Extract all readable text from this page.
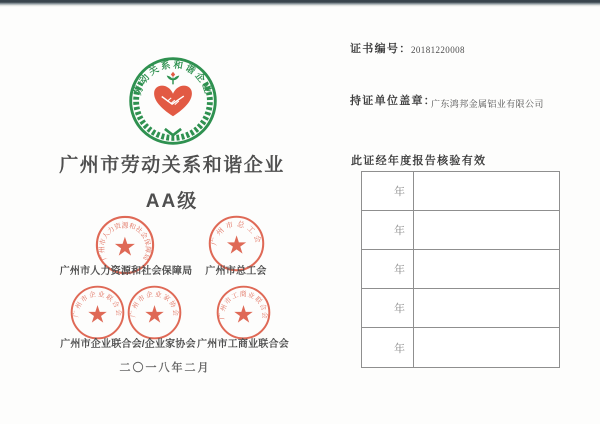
劳动关系和谐企业
广州市劳动关系和谐企业
AA级
广州市人力资源和社会保障局
★	广州市总工会
★
广州市人力资源和社会保障局	广州市总工会
广州市企业联合会
★	广州市企业家协会
★	广州市工商业联合会
★
广州市企业联合会/企业家协会 广州市工商业联合会
二〇一八年二月
证书编号： 20181220008
持证单位盖章：
广东鸿邦金属铝业有限公司
此证经年度报告核验有效
年
年
年
年
年
